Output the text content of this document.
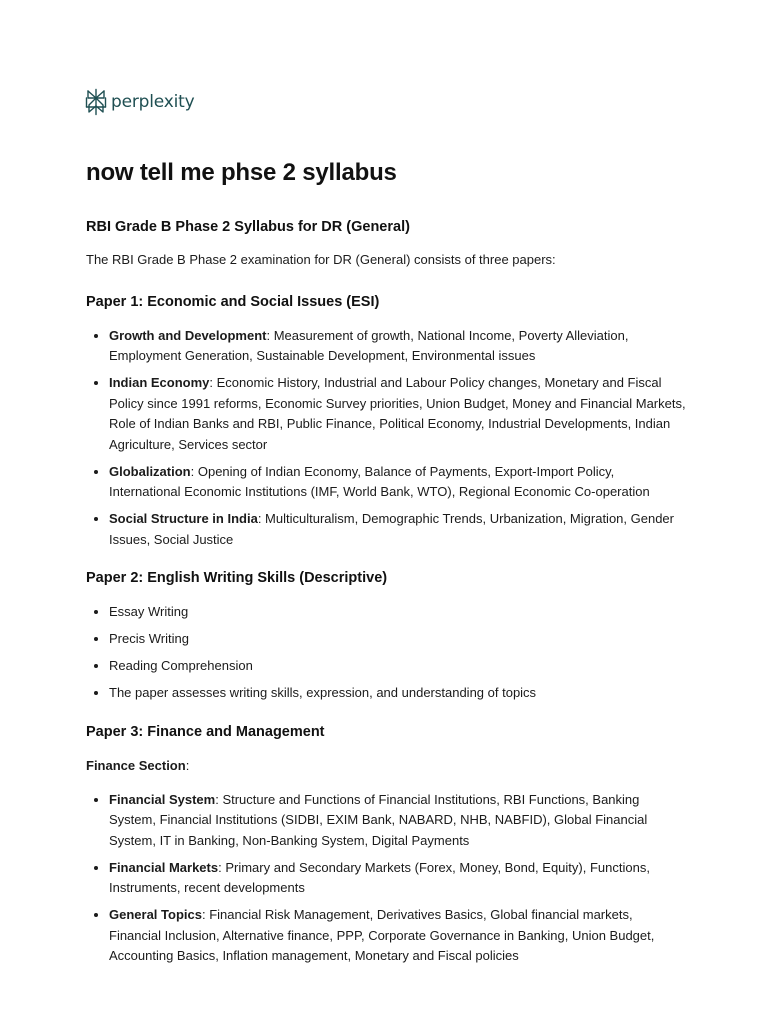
perplexity
now tell me phse 2 syllabus
RBI Grade B Phase 2 Syllabus for DR (General)

The RBI Grade B Phase 2 examination for DR (General) consists of three papers:

Paper 1: Economic and Social Issues (ESI)
• Growth and Development: Measurement of growth, National Income, Poverty Alleviation, Employment Generation, Sustainable Development, Environmental issues
• Indian Economy: Economic History, Industrial and Labour Policy changes, Monetary and Fiscal Policy since 1991 reforms, Economic Survey priorities, Union Budget, Money and Financial Markets, Role of Indian Banks and RBI, Public Finance, Political Economy, Industrial Developments, Indian Agriculture, Services sector
• Globalization: Opening of Indian Economy, Balance of Payments, Export-Import Policy, International Economic Institutions (IMF, World Bank, WTO), Regional Economic Co-operation
• Social Structure in India: Multiculturalism, Demographic Trends, Urbanization, Migration, Gender Issues, Social Justice
Paper 2: English Writing Skills (Descriptive)
• Essay Writing
• Precis Writing
• Reading Comprehension
• The paper assesses writing skills, expression, and understanding of topics
Paper 3: Finance and Management

Finance Section:

• Financial System: Structure and Functions of Financial Institutions, RBI Functions, Banking System, Financial Institutions (SIDBI, EXIM Bank, NABARD, NHB, NABFID), Global Financial System, IT in Banking, Non-Banking System, Digital Payments
• Financial Markets: Primary and Secondary Markets (Forex, Money, Bond, Equity), Functions, Instruments, recent developments
• General Topics: Financial Risk Management, Derivatives Basics, Global financial markets, Financial Inclusion, Alternative finance, PPP, Corporate Governance in Banking, Union Budget, Accounting Basics, Inflation management, Monetary and Fiscal policies
